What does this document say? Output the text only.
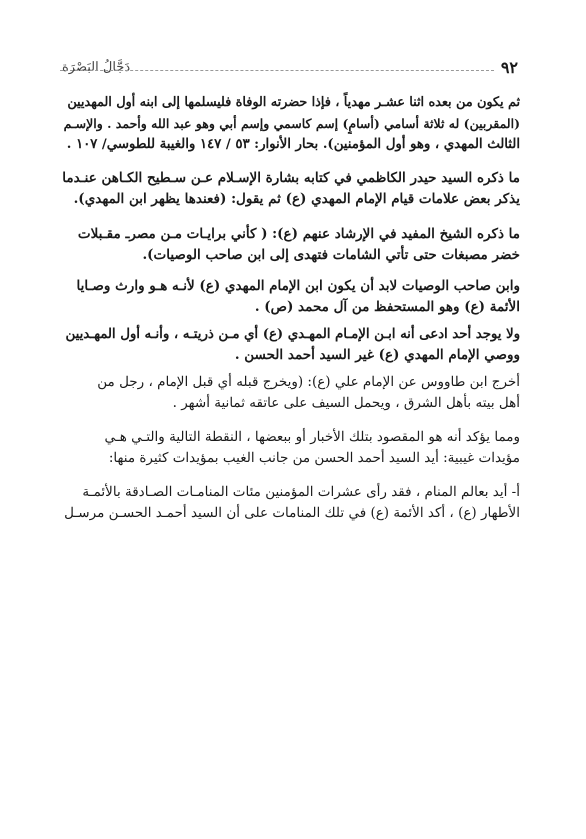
٩٢
دَجَّالُ البَصْرَة
ثم يكون من بعده اثنا عشـر مهدياً ، فإذا حضرته الوفاة فليسلمها إلى ابنه أول المهديين
(المقربين) له ثلاثة أسامي (أسامٍ) إسم كاسمي وإسم أبي وهو عبد الله وأحمد . والإسـم
الثالث المهدي ، وهو أول المؤمنين). بحار الأنوار: ٥٣ / ١٤٧ والغيبة للطوسي/ ١٠٧ .
ما ذكره السيد حيدر الكاظمي في كتابه بشارة الإسـلام عـن سـطيح الكـاهن عنـدما
يذكر بعض علامات قيام الإمام المهدي (ع) ثم يقول: (فعندها يظهر ابن المهدي).
ما ذكره الشيخ المفيد في الإرشاد عنهم (ع): ( كأني برايـات مـن مصرـ مقـبلات
خضر مصبغات حتى تأتي الشامات فتهدى إلى ابن صاحب الوصيات).
وابن صاحب الوصيات لابد أن يكون ابن الإمام المهدي (ع) لأنـه هـو وارث وصـايا
الأئمة (ع) وهو المستحفظ من آل محمد (ص) .
ولا يوجد أحد ادعى أنه ابـن الإمـام المهـدي (ع) أي مـن ذريتـه ، وأنـه أول المهـديين
ووصي الإمام المهدي (ع) غير السيد أحمد الحسن .
أخرج ابن طاووس عن الإمام علي (ع): (ويخرج قبله أي قبل الإمام ، رجل من
أهل بيته بأهل الشرق ، ويحمل السيف على عاتقه ثمانية أشهر .
ومما يؤكد أنه هو المقصود بتلك الأخبار أو ببعضها ، النقطة التالية والتـي هـي
مؤيدات غيبية: أُيد السيد أحمد الحسن من جانب الغيب بمؤيدات كثيرة منها:
أ- أُيد بعالم المنام ، فقد رأى عشرات المؤمنين مئات المنامـات الصـادقة بالأئمـة
الأطهار (ع) ، أكد الأئمة (ع) في تلك المنامات على أن السيد أحمـد الحسـن مرسـل
